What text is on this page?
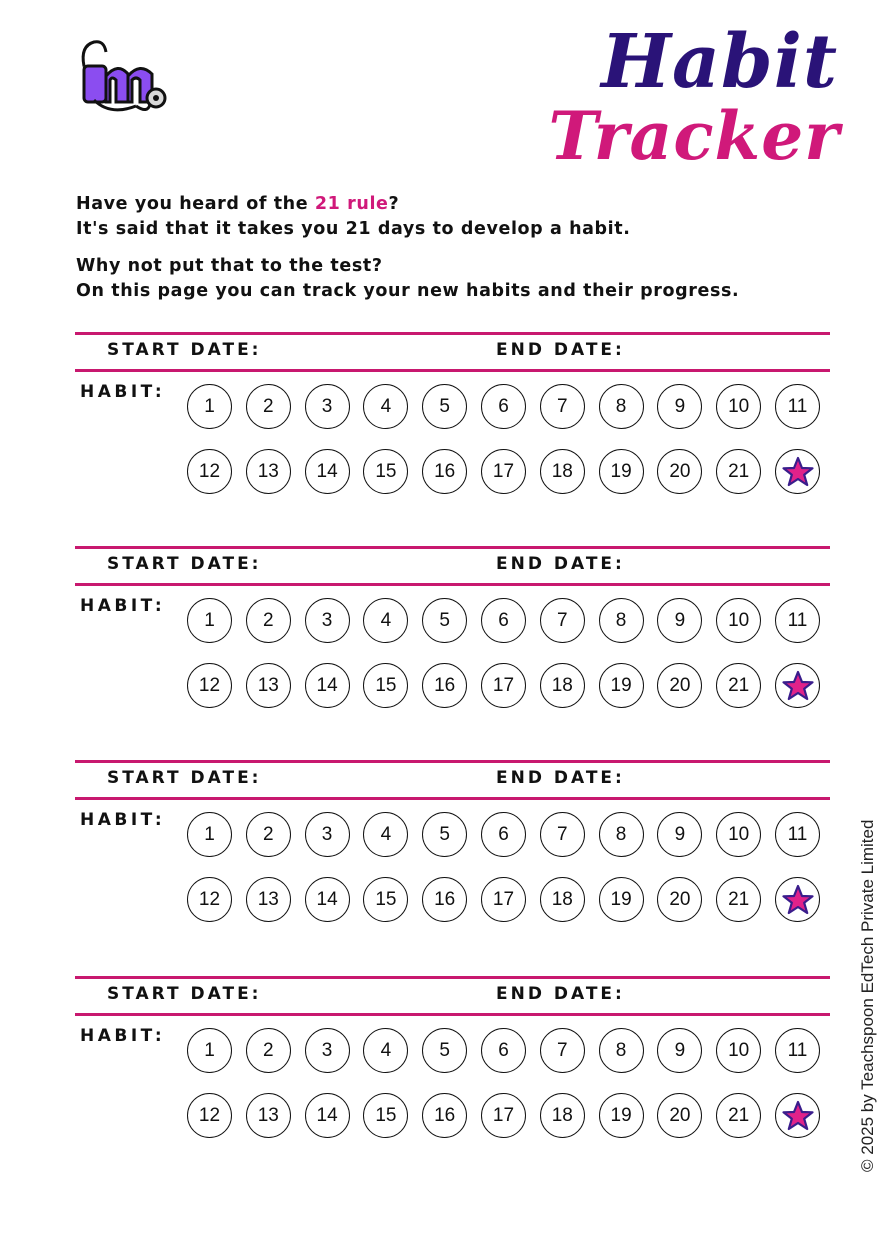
Habit
Tracker
Have you heard of the 21 rule?
It's said that it takes you 21 days to develop a habit.
Why not put that to the test?
On this page you can track your new habits and their progress.
START DATE:	END DATE:
HABIT:
1	2	3	4	5	6	7	8	9 10 11
12 13 14 15 16 17 18 19 20 21
START DATE:	END DATE:
HABIT:
1	2	3	4	5	6	7	8	9 10 11
12 13 14 15 16 17 18 19 20 21
START DATE:	END DATE:
HABIT:
1	2	3	4	5	6	7	8	9 10 11
12 13 14 15 16 17 18 19 20 21
START DATE:	END DATE:
HABIT:
1	2	3	4	5	6	7	8	9 10 11
12 13 14 15 16 17 18 19 20 21	© 2025 by Teachspoon EdTech Private Limited
